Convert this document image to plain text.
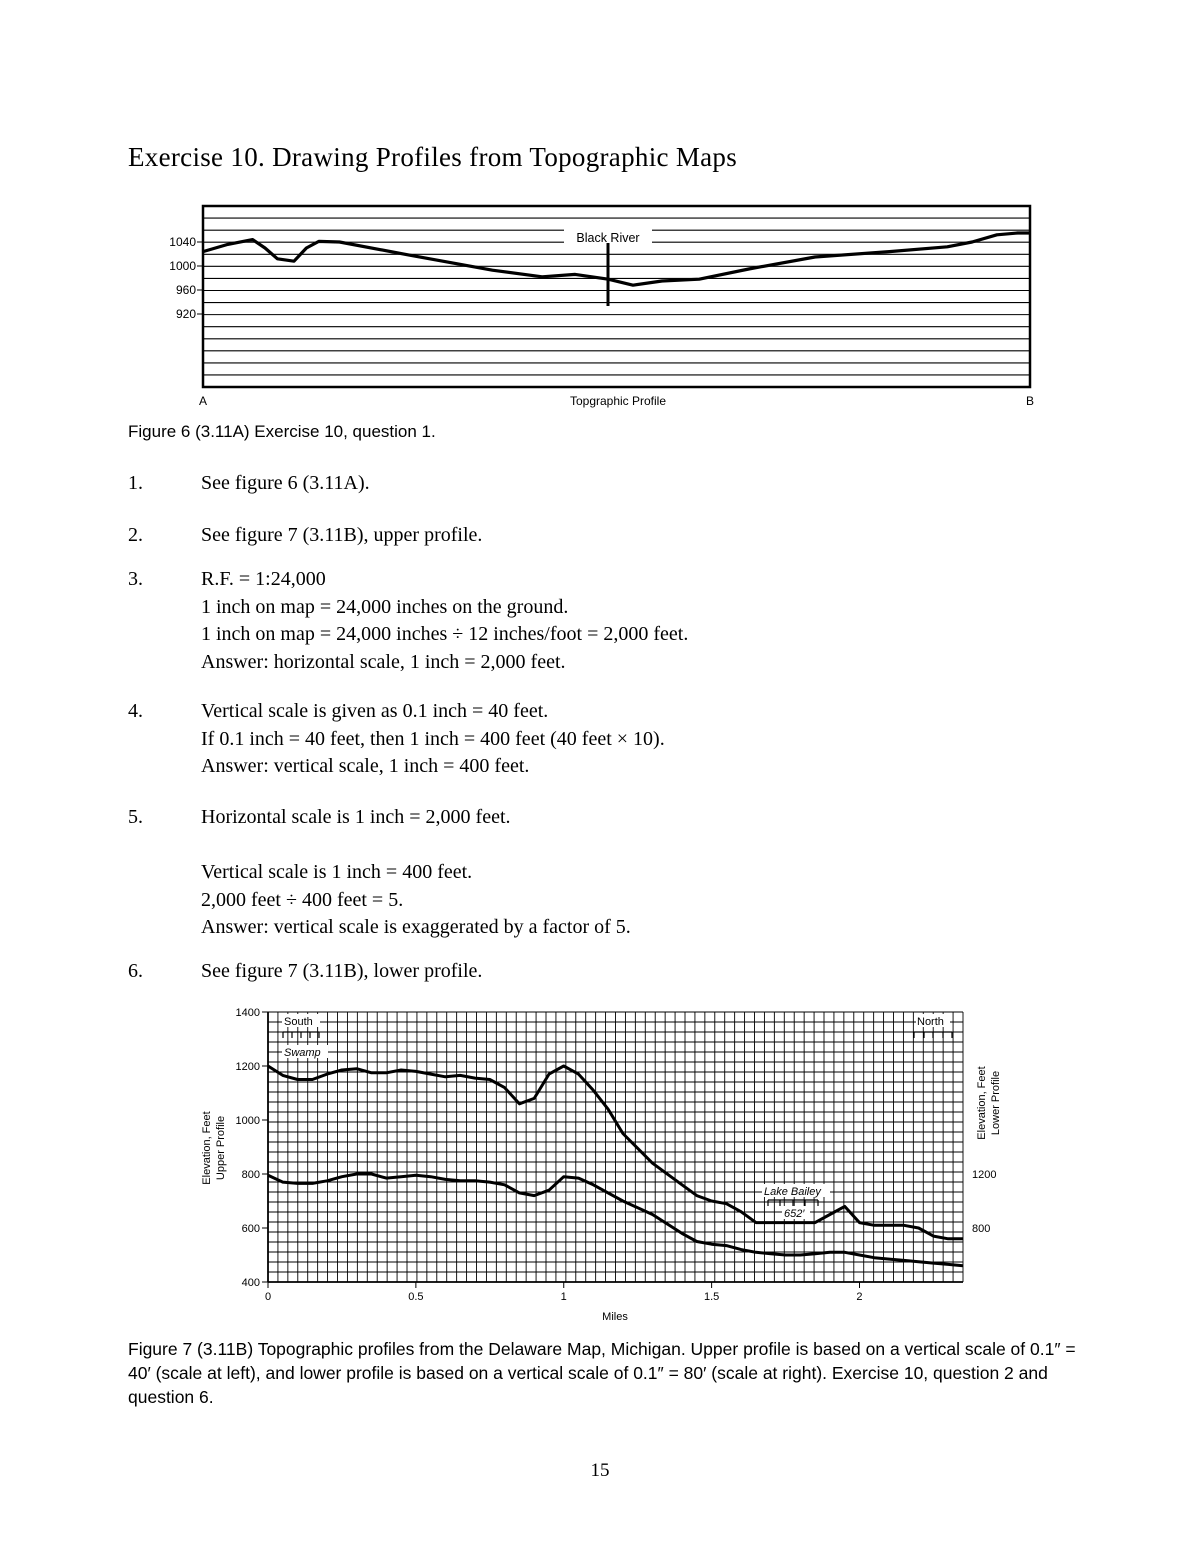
Exercise 10. Drawing Profiles from Topographic Maps
1040
1000
960
920
Black River
A	Topgraphic Profile	B
Figure 6 (3.11A) Exercise 10, question 1.
1.	See figure 6 (3.11A).
2.	See figure 7 (3.11B), upper profile.
3.	R.F. = 1:24,000
1 inch on map = 24,000 inches on the ground.
1 inch on map = 24,000 inches ÷ 12 inches/foot = 2,000 feet.
Answer: horizontal scale, 1 inch = 2,000 feet.
4.	Vertical scale is given as 0.1 inch = 40 feet.
If 0.1 inch = 40 feet, then 1 inch = 400 feet (40 feet × 10).
Answer: vertical scale, 1 inch = 400 feet.
5.	Horizontal scale is 1 inch = 2,000 feet.
Vertical scale is 1 inch = 400 feet.
2,000 feet ÷ 400 feet = 5.
Answer: vertical scale is exaggerated by a factor of 5.
6.	See figure 7 (3.11B), lower profile.
South
Swamp
North
Lake Bailey
652′
1400
1200
1000
800
600
400
1200
800
0	0.5	1	1.5	2
Elevation, Feet Upper Profile
Elevation, Feet Lower Profile
Miles
Figure 7 (3.11B) Topographic profiles from the Delaware Map, Michigan. Upper profile is based on a vertical scale of 0.1″ = 40′ (scale at left), and lower profile is based on a vertical scale of 0.1″ = 80′ (scale at right). Exercise 10, question 2 and question 6.
15
